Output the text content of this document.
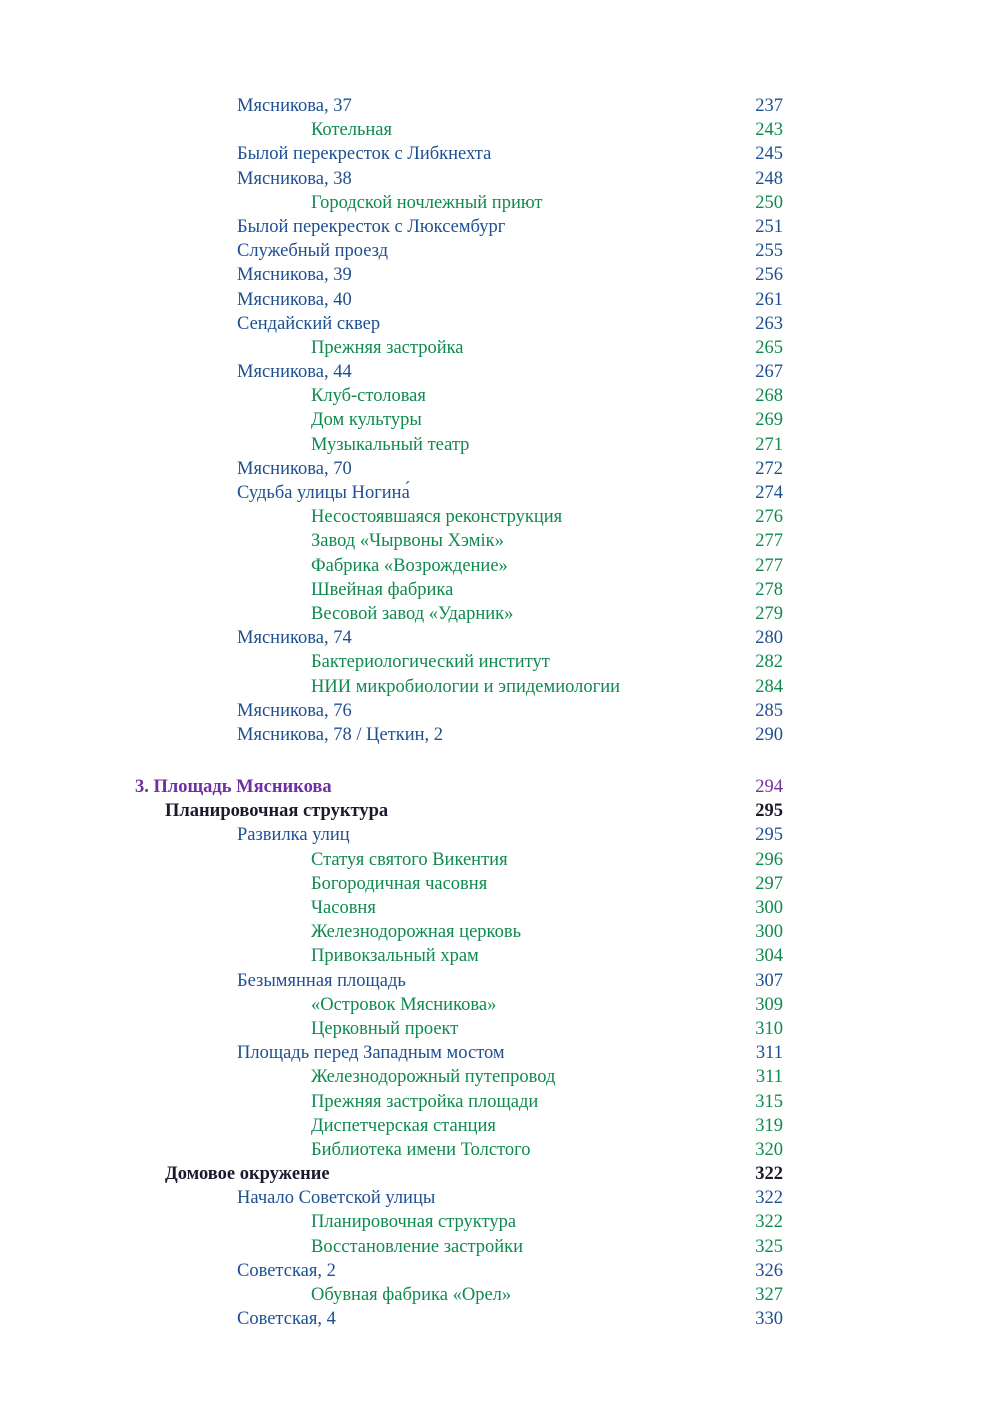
Мясникова, 37	237
Котельная	243
Былой перекресток с Либкнехта	245
Мясникова, 38	248
Городской ночлежный приют	250
Былой перекресток с Люксембург	251
Служебный проезд	255
Мясникова, 39	256
Мясникова, 40	261
Сендайский сквер	263
Прежняя застройка	265
Мясникова, 44	267
Клуб-столовая	268
Дом культуры	269
Музыкальный театр	271
Мясникова, 70	272
Судьба улицы Ногина́	274
Несостоявшаяся реконструкция	276
Завод «Чырвоны Хэмік»	277
Фабрика «Возрождение»	277
Швейная фабрика	278
Весовой завод «Ударник»	279
Мясникова, 74	280
Бактериологический институт	282
НИИ микробиологии и эпидемиологии	284
Мясникова, 76	285
Мясникова, 78 / Цеткин, 2	290
3. Площадь Мясникова	294
Планировочная структура	295
Развилка улиц	295
Статуя святого Викентия	296
Богородичная часовня	297
Часовня	300
Железнодорожная церковь	300
Привокзальный храм	304
Безымянная площадь	307
«Островок Мясникова»	309
Церковный проект	310
Площадь перед Западным мостом	311
Железнодорожный путепровод	311
Прежняя застройка площади	315
Диспетчерская станция	319
Библиотека имени Толстого	320
Домовое окружение	322
Начало Советской улицы	322
Планировочная структура	322
Восстановление застройки	325
Советская, 2	326
Обувная фабрика «Орел»	327
Советская, 4	330
